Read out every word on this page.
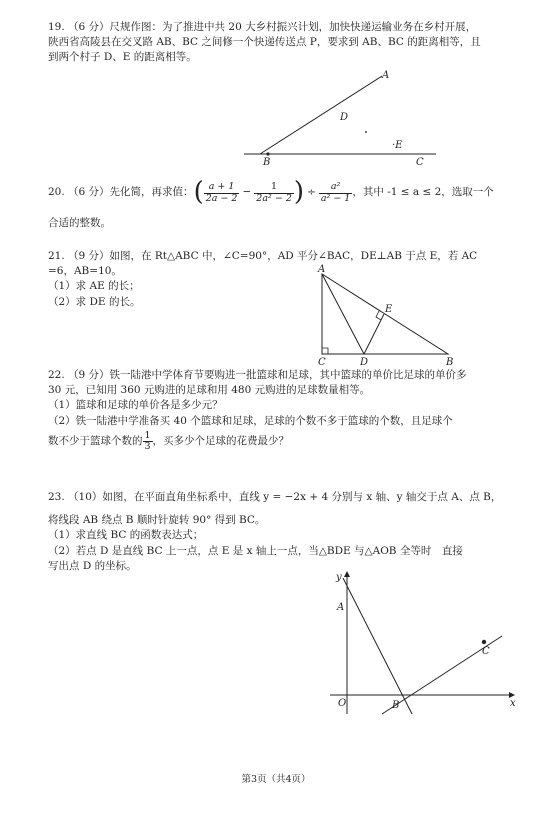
19. （6 分）尺规作图：为了推进中共 20 大乡村振兴计划，加快快递运输业务在乡村开展，
陕西省高陵县在交叉路 AB、BC 之间修一个快递传送点 P，要求到 AB、BC 的距离相等，且
到两个村子 D、E 的距离相等。
A
B	C
D
·E
20. （6 分）先化简，再求值： ( $\frac{a + 1}{2a - 2} - \frac{1}{\text{2a² − 2}}$ ) ÷ $\frac{\text{a²}}{\text{a² − 1}}$ ，其中 -1 ≤ a ≤ 2，选取一个
合适的整数。
21. （9 分）如图，在 Rt△ABC 中，∠C=90°，AD 平分∠BAC，DE⊥AB 于点 E，若 AC
=6，AB=10。
（1）求 AE 的长；
（2）求 DE 的长。
A
B
C	D
E
22. （9 分）铁一陆港中学体育节要购进一批篮球和足球，其中篮球的单价比足球的单价多
30 元，已知用 360 元购进的足球和用 480 元购进的足球数量相等。
（1）篮球和足球的单价各是多少元？
（2）铁一陆港中学准备买 40 个篮球和足球，足球的个数不多于篮球的个数，且足球个
数不少于篮球个数的 $\frac{1}{3}$ ，买多少个足球的花费最少？
23. （10）如图，在平面直角坐标系中，直线 y = −2x + 4 分别与 x 轴、y 轴交于点 A、点 B，
将线段 AB 绕点 B 顺时针旋转 90° 得到 BC。
（1）求直线 BC 的函数表达式；
（2）若点 D 是直线 BC 上一点，点 E 是 x 轴上一点，当△BDE 与△AOB 全等时　直接
写出点 D 的坐标。
y
x
O
A
B
C
第3页（共4页）
